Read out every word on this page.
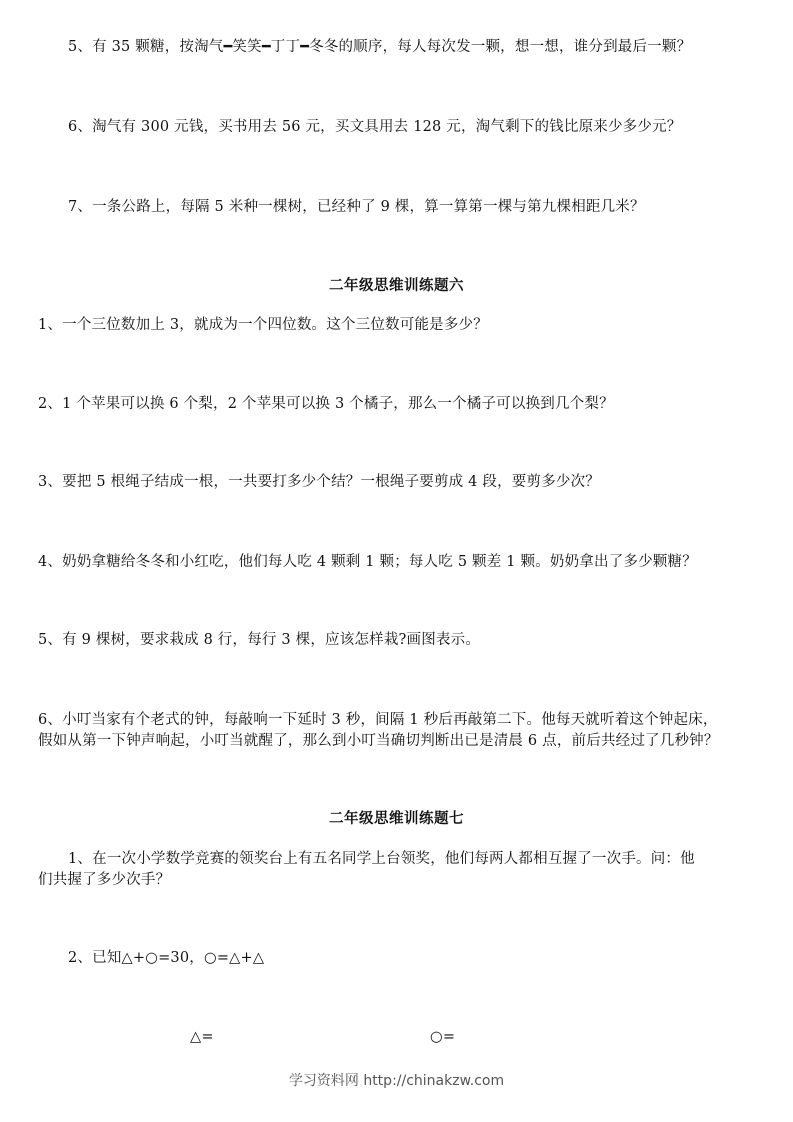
5、有 35 颗糖，按淘气━笑笑━丁丁━冬冬的顺序，每人每次发一颗，想一想，谁分到最后一颗？
6、淘气有 300 元钱，买书用去 56 元，买文具用去 128 元，淘气剩下的钱比原来少多少元？
7、一条公路上，每隔 5 米种一棵树，已经种了 9 棵，算一算第一棵与第九棵相距几米？
二年级思维训练题六
1、一个三位数加上 3，就成为一个四位数。这个三位数可能是多少？
2、1 个苹果可以换 6 个梨，2 个苹果可以换 3 个橘子，那么一个橘子可以换到几个梨？
3、要把 5 根绳子结成一根，一共要打多少个结？一根绳子要剪成 4 段，要剪多少次？
4、奶奶拿糖给冬冬和小红吃，他们每人吃 4 颗剩 1 颗；每人吃 5 颗差 1 颗。奶奶拿出了多少颗糖？
5、有 9 棵树，要求栽成 8 行，每行 3 棵，应该怎样栽?画图表示。
6、小叮当家有个老式的钟，每敲响一下延时 3 秒，间隔 1 秒后再敲第二下。他每天就听着这个钟起床，
假如从第一下钟声响起，小叮当就醒了，那么到小叮当确切判断出已是清晨 6 点，前后共经过了几秒钟？
二年级思维训练题七
1、在一次小学数学竞赛的领奖台上有五名同学上台领奖，他们每两人都相互握了一次手。问：他
们共握了多少次手？
2、已知△+○=30，○=△+△
△=	○=
学习资料网 http://chinakzw.com
